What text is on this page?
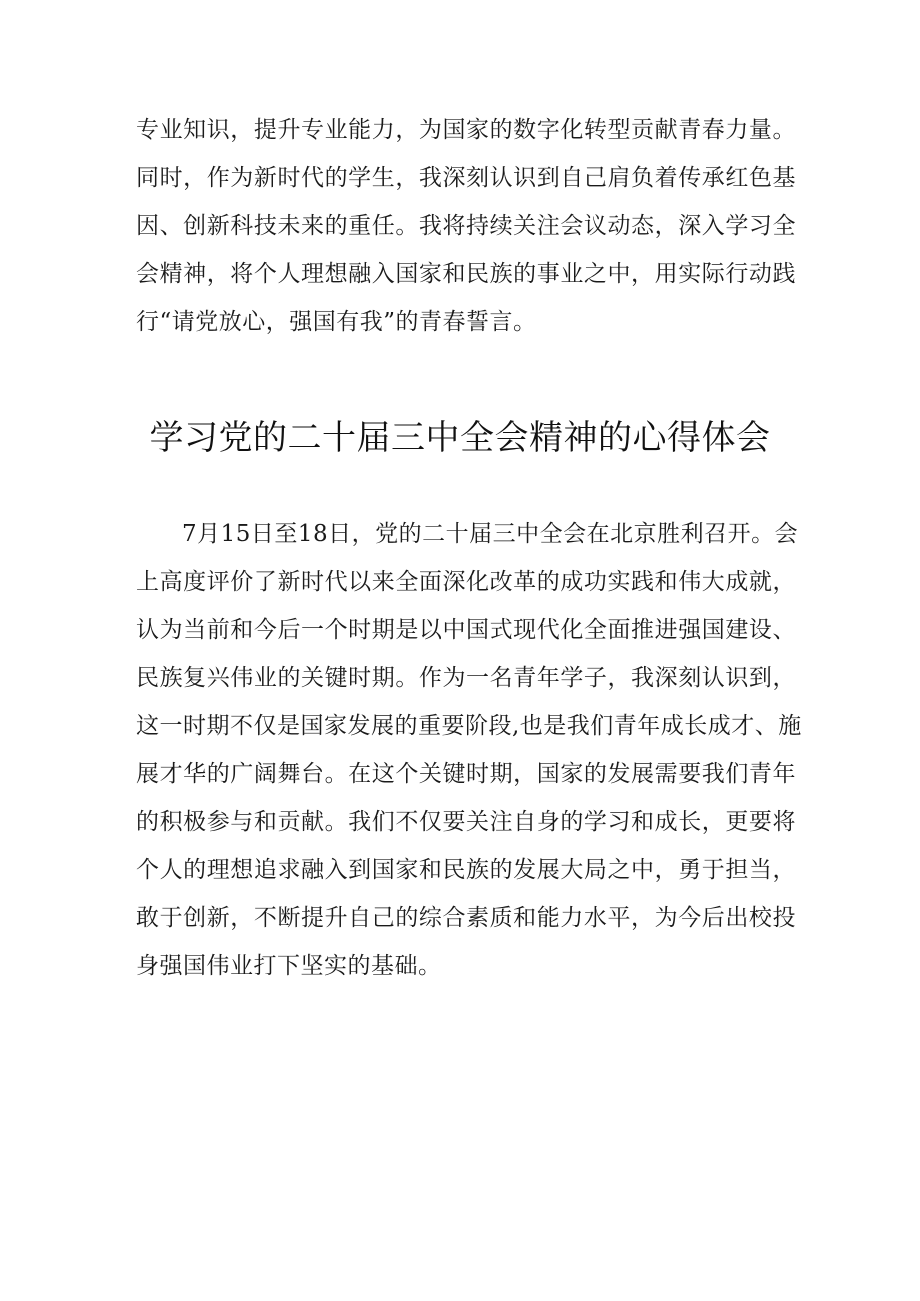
专业知识，提升专业能力，为国家的数字化转型贡献青春力量。
同时，作为新时代的学生，我深刻认识到自己肩负着传承红色基
因、创新科技未来的重任。我将持续关注会议动态，深入学习全
会精神，将个人理想融入国家和民族的事业之中，用实际行动践
行“请党放心，强国有我”的青春誓言。
学习党的二十届三中全会精神的心得体会
7月15日至18日，党的二十届三中全会在北京胜利召开。会
上高度评价了新时代以来全面深化改革的成功实践和伟大成就，
认为当前和今后一个时期是以中国式现代化全面推进强国建设、
民族复兴伟业的关键时期。作为一名青年学子，我深刻认识到，
这一时期不仅是国家发展的重要阶段,也是我们青年成长成才、施
展才华的广阔舞台。在这个关键时期，国家的发展需要我们青年
的积极参与和贡献。我们不仅要关注自身的学习和成长，更要将
个人的理想追求融入到国家和民族的发展大局之中，勇于担当，
敢于创新，不断提升自己的综合素质和能力水平，为今后出校投
身强国伟业打下坚实的基础。
